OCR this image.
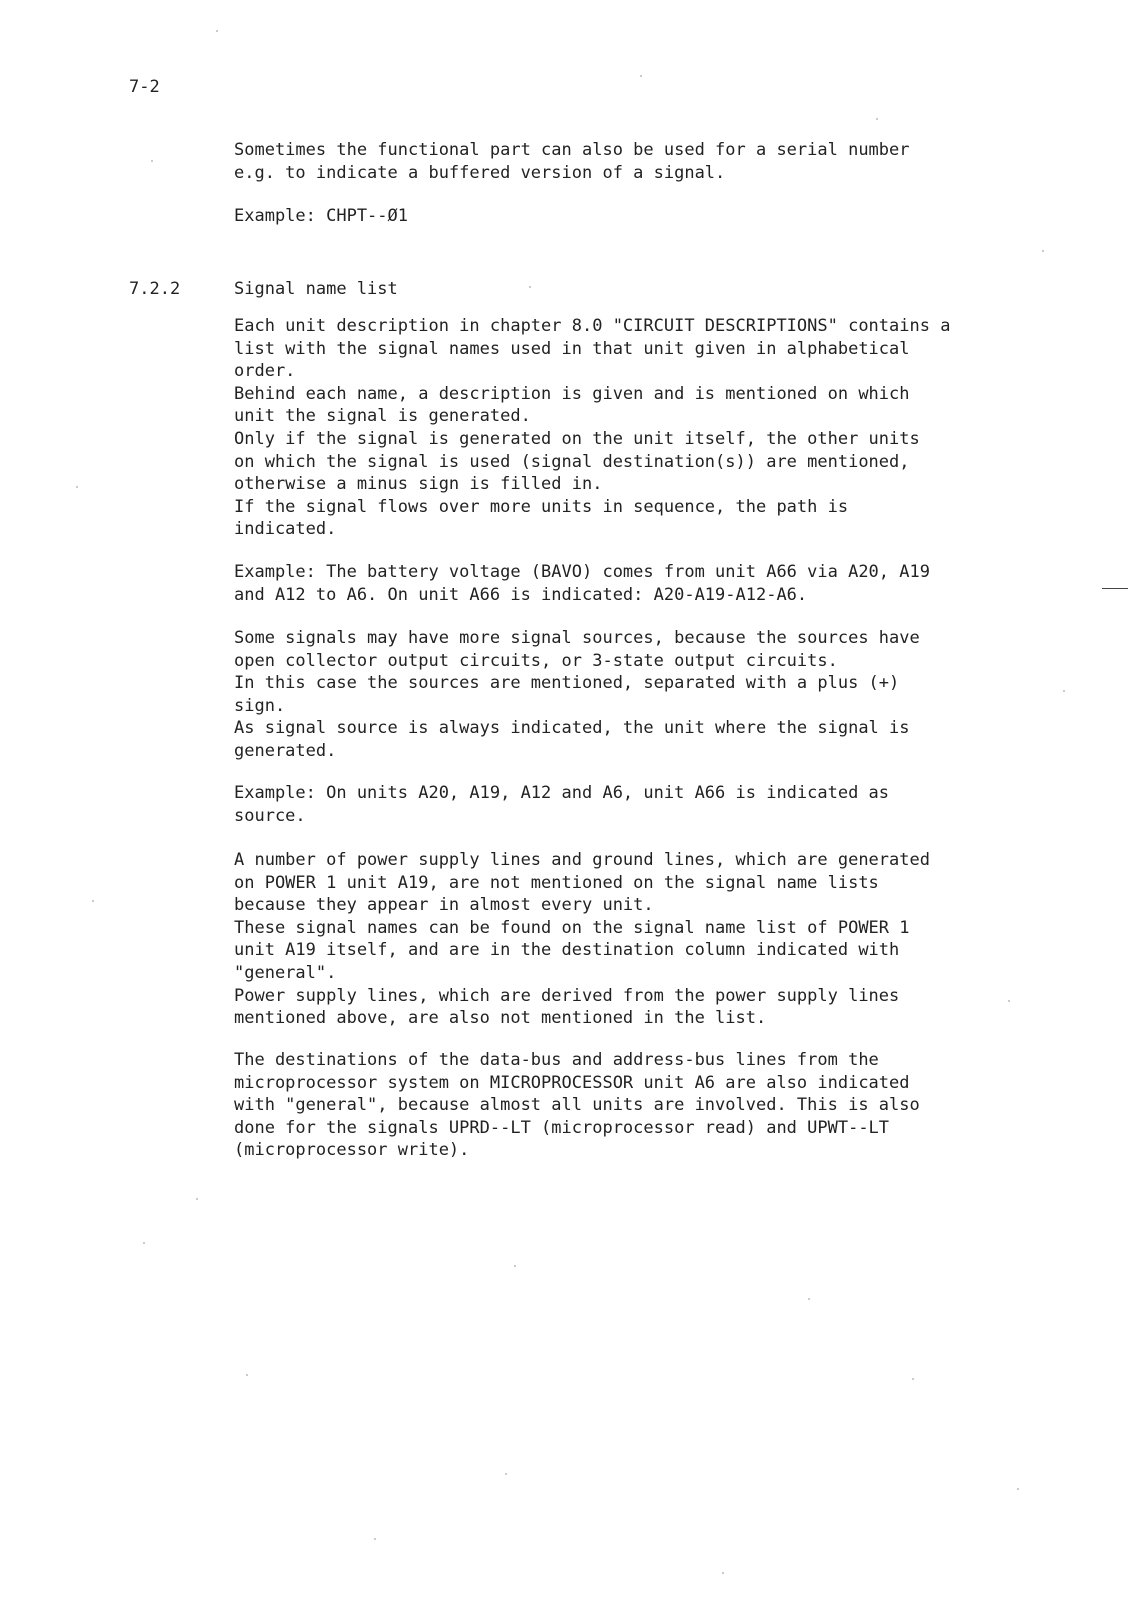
7-2
Sometimes the functional part can also be used for a serial number
e.g. to indicate a buffered version of a signal.
Example: CHPT--Ø1
7.2.2	Signal name list
Each unit description in chapter 8.0 "CIRCUIT DESCRIPTIONS" contains a
list with the signal names used in that unit given in alphabetical
order.
Behind each name, a description is given and is mentioned on which
unit the signal is generated.
Only if the signal is generated on the unit itself, the other units
on which the signal is used (signal destination(s)) are mentioned,
otherwise a minus sign is filled in.
If the signal flows over more units in sequence, the path is
indicated.
Example: The battery voltage (BAVO) comes from unit A66 via A20, A19
and A12 to A6. On unit A66 is indicated: A20-A19-A12-A6.
Some signals may have more signal sources, because the sources have
open collector output circuits, or 3-state output circuits.
In this case the sources are mentioned, separated with a plus (+)
sign.
As signal source is always indicated, the unit where the signal is
generated.
Example: On units A20, A19, A12 and A6, unit A66 is indicated as
source.
A number of power supply lines and ground lines, which are generated
on POWER 1 unit A19, are not mentioned on the signal name lists
because they appear in almost every unit.
These signal names can be found on the signal name list of POWER 1
unit A19 itself, and are in the destination column indicated with
"general".
Power supply lines, which are derived from the power supply lines
mentioned above, are also not mentioned in the list.
The destinations of the data-bus and address-bus lines from the
microprocessor system on MICROPROCESSOR unit A6 are also indicated
with "general", because almost all units are involved. This is also
done for the signals UPRD--LT (microprocessor read) and UPWT--LT
(microprocessor write).
